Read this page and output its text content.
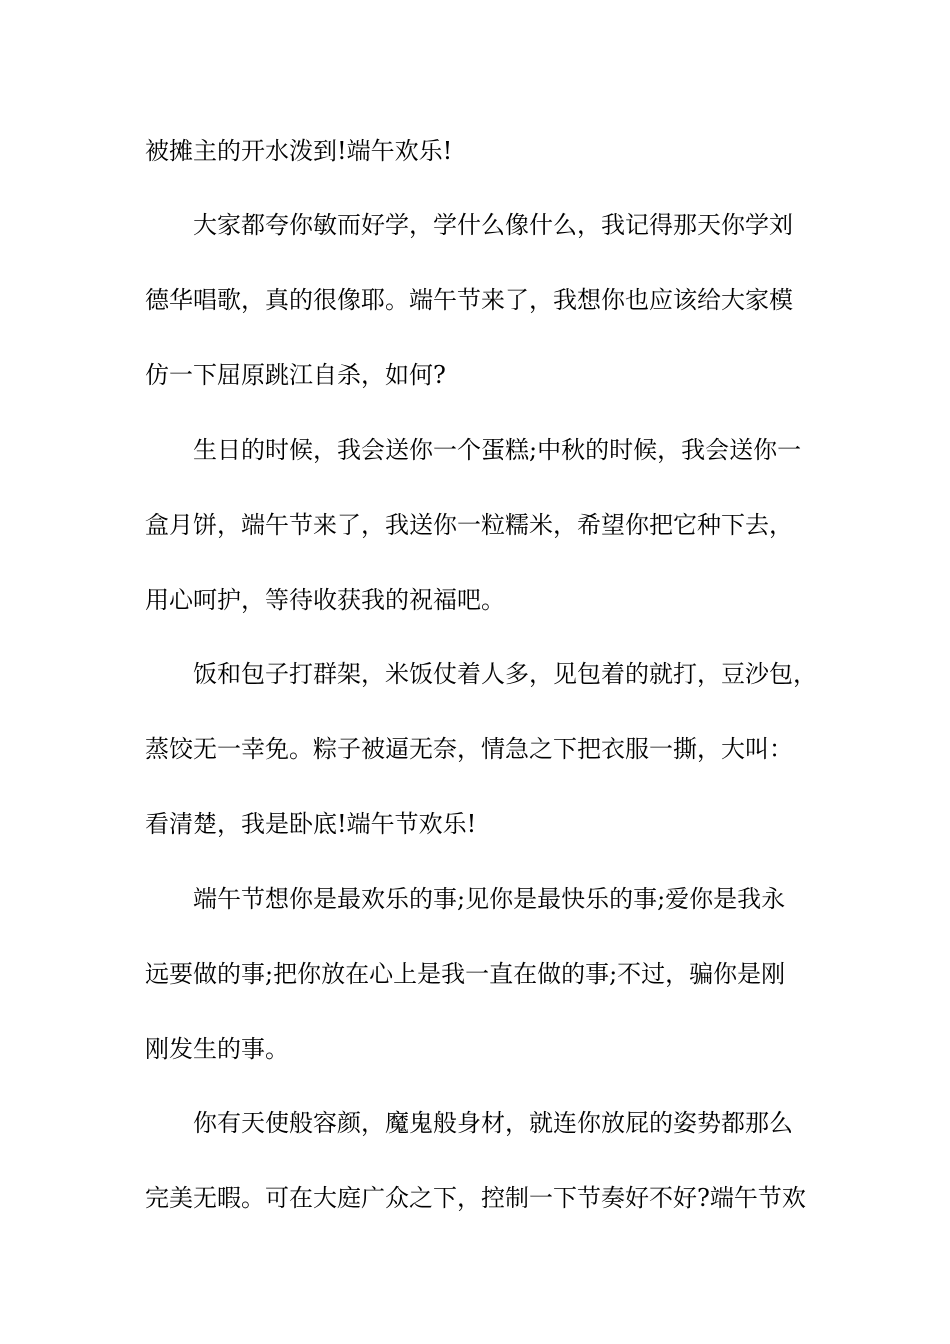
被摊主的开水泼到!端午欢乐!
大家都夸你敏而好学，学什么像什么，我记得那天你学刘
德华唱歌，真的很像耶。端午节来了，我想你也应该给大家模
仿一下屈原跳江自杀，如何?
生日的时候，我会送你一个蛋糕;中秋的时候，我会送你一
盒月饼，端午节来了，我送你一粒糯米，希望你把它种下去，
用心呵护，等待收获我的祝福吧。
饭和包子打群架，米饭仗着人多，见包着的就打，豆沙包，
蒸饺无一幸免。粽子被逼无奈，情急之下把衣服一撕，大叫：
看清楚，我是卧底!端午节欢乐!
端午节想你是最欢乐的事;见你是最快乐的事;爱你是我永
远要做的事;把你放在心上是我一直在做的事;不过，骗你是刚
刚发生的事。
你有天使般容颜，魔鬼般身材，就连你放屁的姿势都那么
完美无暇。可在大庭广众之下，控制一下节奏好不好?端午节欢
